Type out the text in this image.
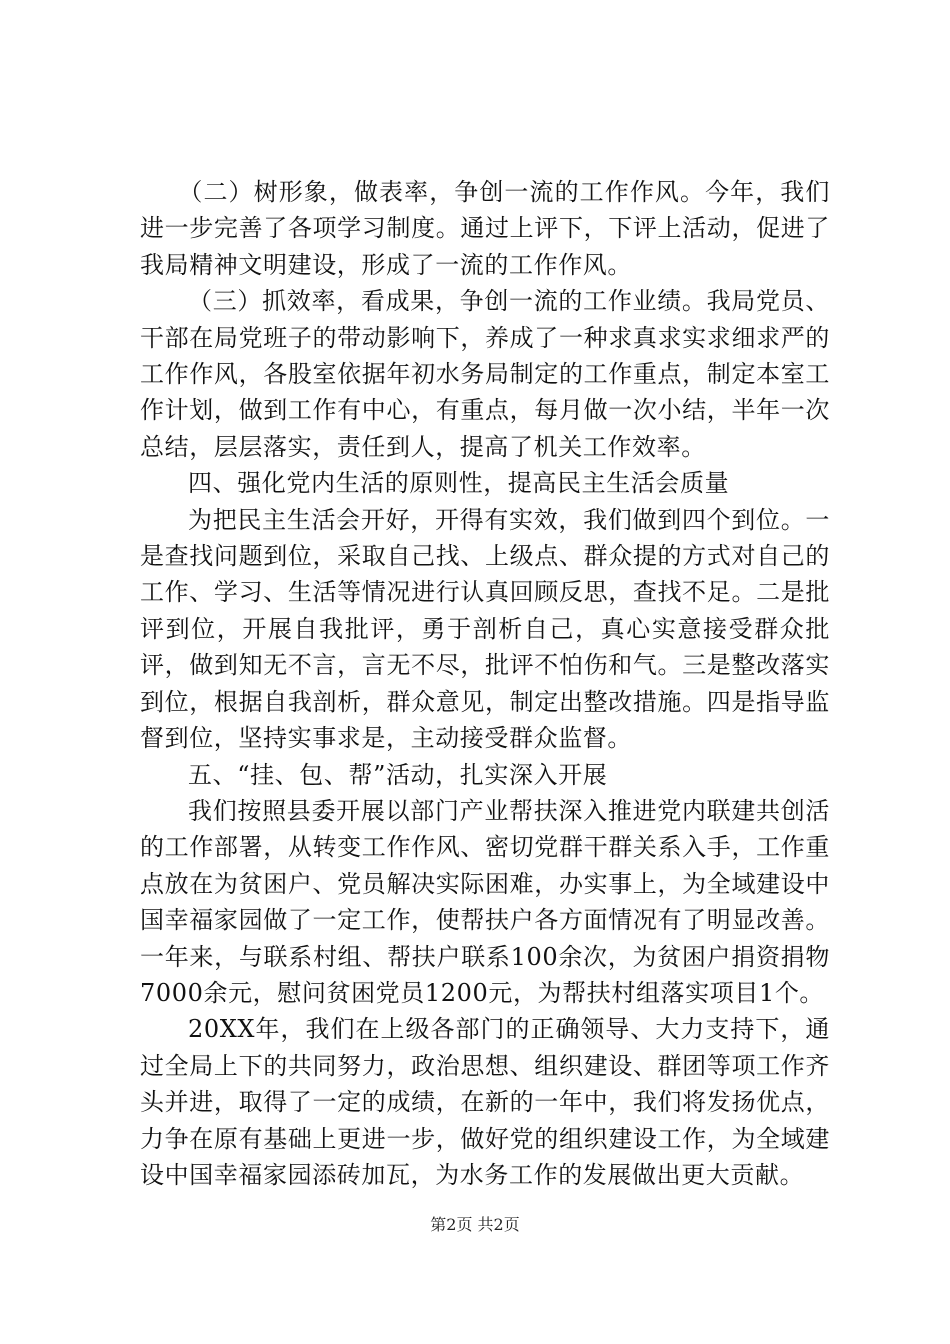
（二）树形象，做表率，争创一流的工作作风。今年，我们进一步完善了各项学习制度。通过上评下，下评上活动，促进了我局精神文明建设，形成了一流的工作作风。

（三）抓效率，看成果，争创一流的工作业绩。我局党员、干部在局党班子的带动影响下，养成了一种求真求实求细求严的工作作风，各股室依据年初水务局制定的工作重点，制定本室工作计划，做到工作有中心，有重点，每月做一次小结，半年一次总结，层层落实，责任到人，提高了机关工作效率。

四、强化党内生活的原则性，提高民主生活会质量

为把民主生活会开好，开得有实效，我们做到四个到位。一是查找问题到位，采取自己找、上级点、群众提的方式对自己的工作、学习、生活等情况进行认真回顾反思，查找不足。二是批评到位，开展自我批评，勇于剖析自己，真心实意接受群众批评，做到知无不言，言无不尽，批评不怕伤和气。三是整改落实到位，根据自我剖析，群众意见，制定出整改措施。四是指导监督到位，坚持实事求是，主动接受群众监督。

五、“挂、包、帮”活动，扎实深入开展

我们按照县委开展以部门产业帮扶深入推进党内联建共创活的工作部署，从转变工作作风、密切党群干群关系入手，工作重点放在为贫困户、党员解决实际困难，办实事上，为全域建设中国幸福家园做了一定工作，使帮扶户各方面情况有了明显改善。一年来，与联系村组、帮扶户联系100余次，为贫困户捐资捐物7000余元，慰问贫困党员1200元，为帮扶村组落实项目1个。

20XX年，我们在上级各部门的正确领导、大力支持下，通过全局上下的共同努力，政治思想、组织建设、群团等项工作齐头并进，取得了一定的成绩，在新的一年中，我们将发扬优点，力争在原有基础上更进一步，做好党的组织建设工作，为全域建设中国幸福家园添砖加瓦，为水务工作的发展做出更大贡献。

第2页 共2页
